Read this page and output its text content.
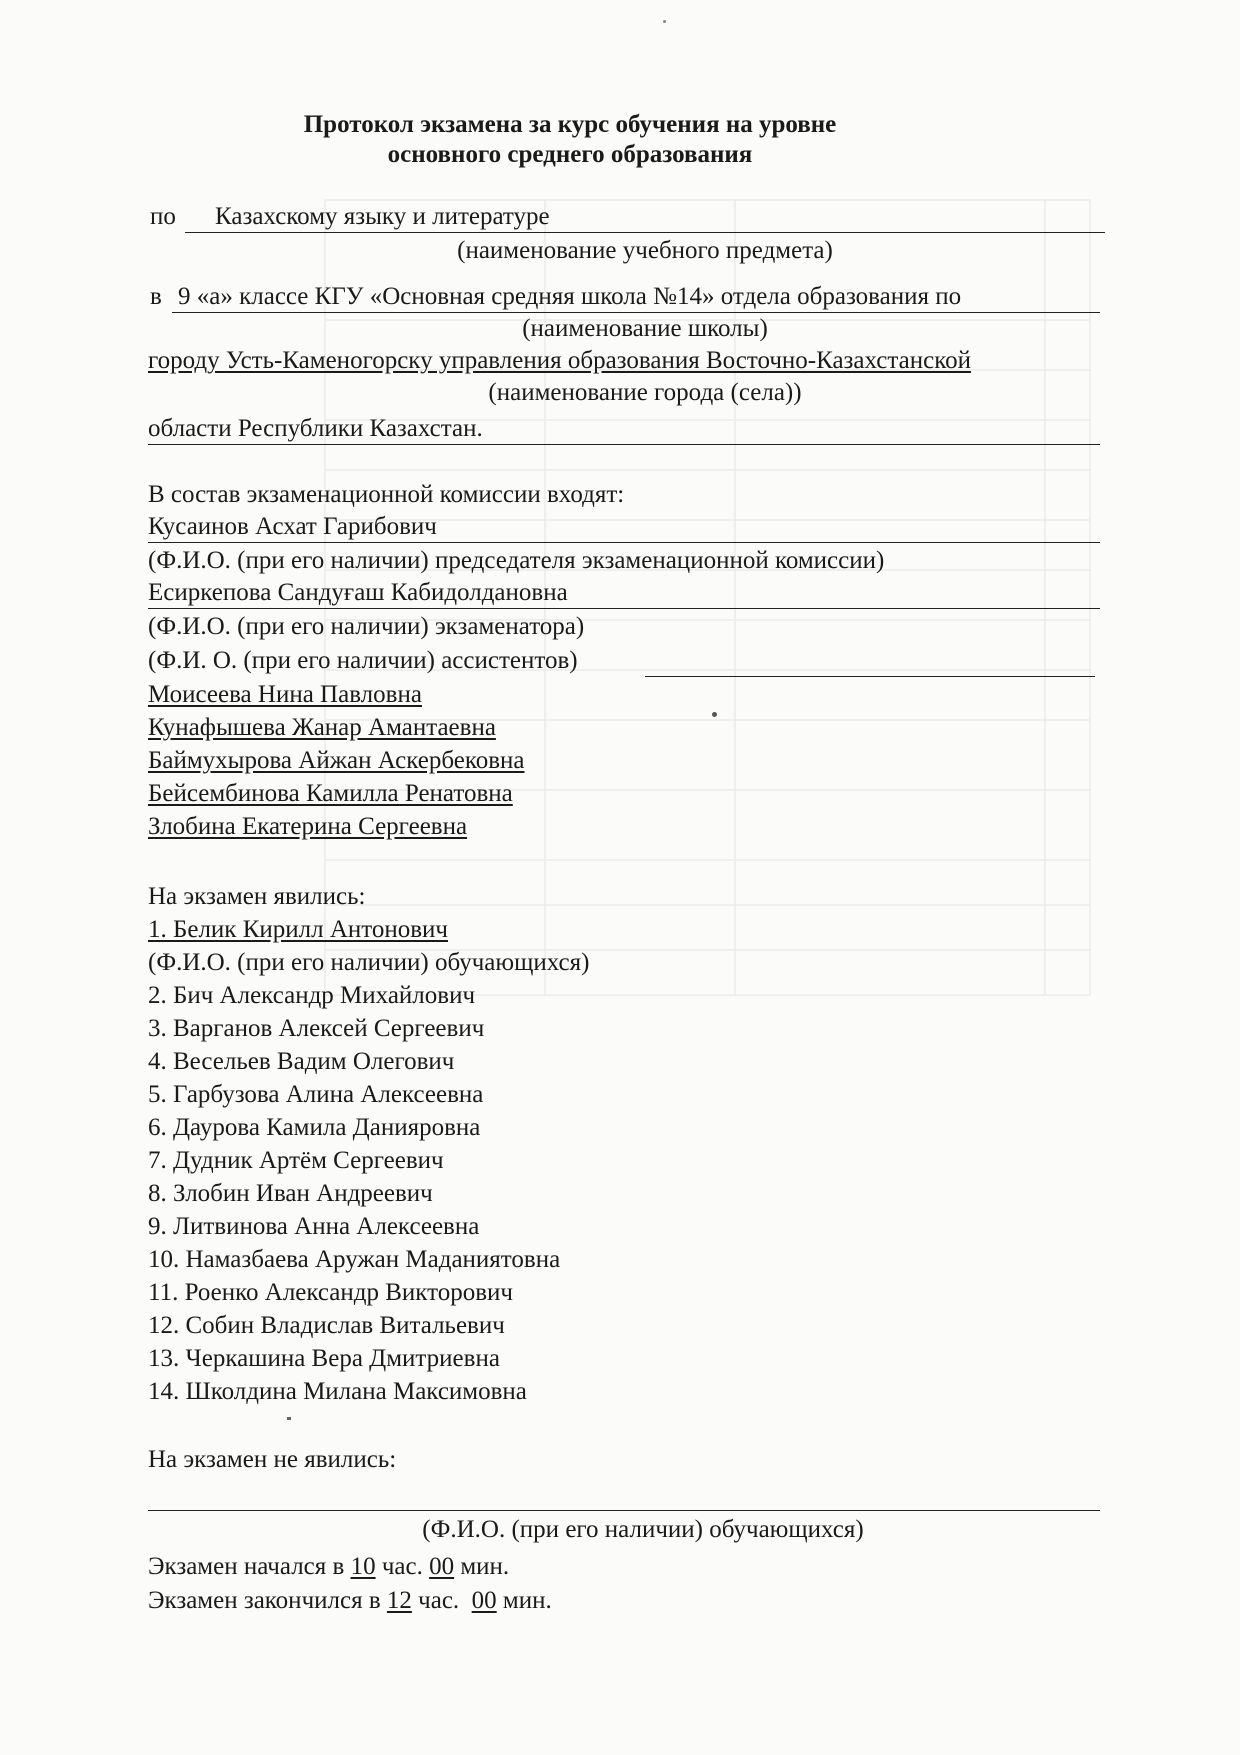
Протокол экзамена за курс обучения на уровне
основного среднего образования
по Казахскому языку и литературе
(наименование учебного предмета)
в 9 «а» классе КГУ «Основная средняя школа №14» отдела образования по
(наименование школы)
городу Усть-Каменогорску управления образования Восточно-Казахстанской
(наименование города (села))
области Республики Казахстан.
В состав экзаменационной комиссии входят:
Кусаинов Асхат Гарибович
(Ф.И.О. (при его наличии) председателя экзаменационной комиссии)
Есиркепова Сандуғаш Кабидолдановна
(Ф.И.О. (при его наличии) экзаменатора)
(Ф.И. О. (при его наличии) ассистентов)
Моисеева Нина Павловна
Кунафышева Жанар Амантаевна
Баймухырова Айжан Аскербековна
Бейсембинова Камилла Ренатовна
Злобина Екатерина Сергеевна
На экзамен явились:
1. Белик Кирилл Антонович
(Ф.И.О. (при его наличии) обучающихся)
2. Бич Александр Михайлович
3. Варганов Алексей Сергеевич
4. Весельев Вадим Олегович
5. Гарбузова Алина Алексеевна
6. Даурова Камила Данияровна
7. Дудник Артём Сергеевич
8. Злобин Иван Андреевич
9. Литвинова Анна Алексеевна
10. Намазбаева Аружан Маданиятовна
11. Роенко Александр Викторович
12. Собин Владислав Витальевич
13. Черкашина Вера Дмитриевна
14. Школдина Милана Максимовна
На экзамен не явились:
(Ф.И.О. (при его наличии) обучающихся)
Экзамен начался в 10 час. 00 мин.
Экзамен закончился в 12 час. 00 мин.
